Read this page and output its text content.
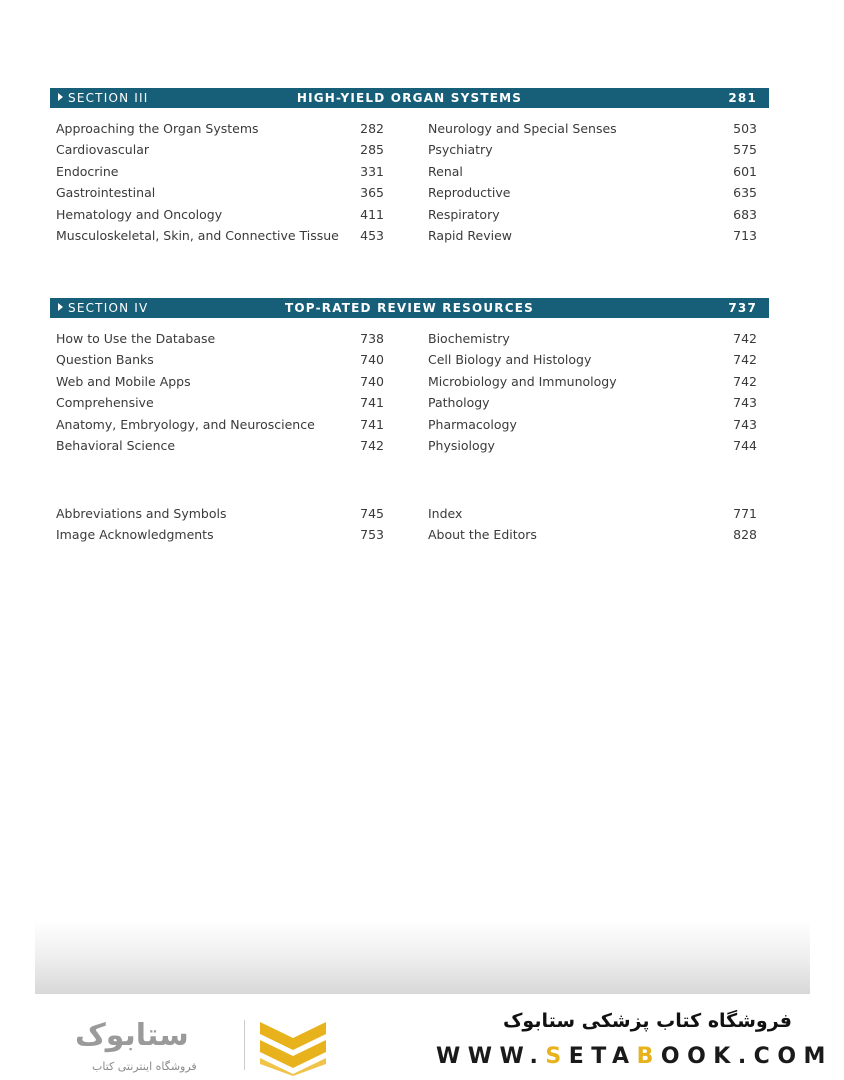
SECTION III	HIGH-YIELD ORGAN SYSTEMS	281
Approaching the Organ Systems	282
Cardiovascular	285
Endocrine	331
Gastrointestinal	365
Hematology and Oncology	411
Musculoskeletal, Skin, and Connective Tissue 453
Neurology and Special Senses	503
Psychiatry	575
Renal	601
Reproductive	635
Respiratory	683
Rapid Review	713
SECTION IV	TOP-RATED REVIEW RESOURCES	737
How to Use the Database	738
Question Banks	740
Web and Mobile Apps	740
Comprehensive	741
Anatomy, Embryology, and Neuroscience	741
Behavioral Science	742
Biochemistry	742
Cell Biology and Histology	742
Microbiology and Immunology	742
Pathology	743
Pharmacology	743
Physiology	744
Abbreviations and Symbols	745
Image Acknowledgments	753
Index	771
About the Editors	828
ستابوک
فروشگاه اینترنتی کتاب
فروشگاه کتاب پزشکی ستابوک
WWW.SETABOOK.COM
